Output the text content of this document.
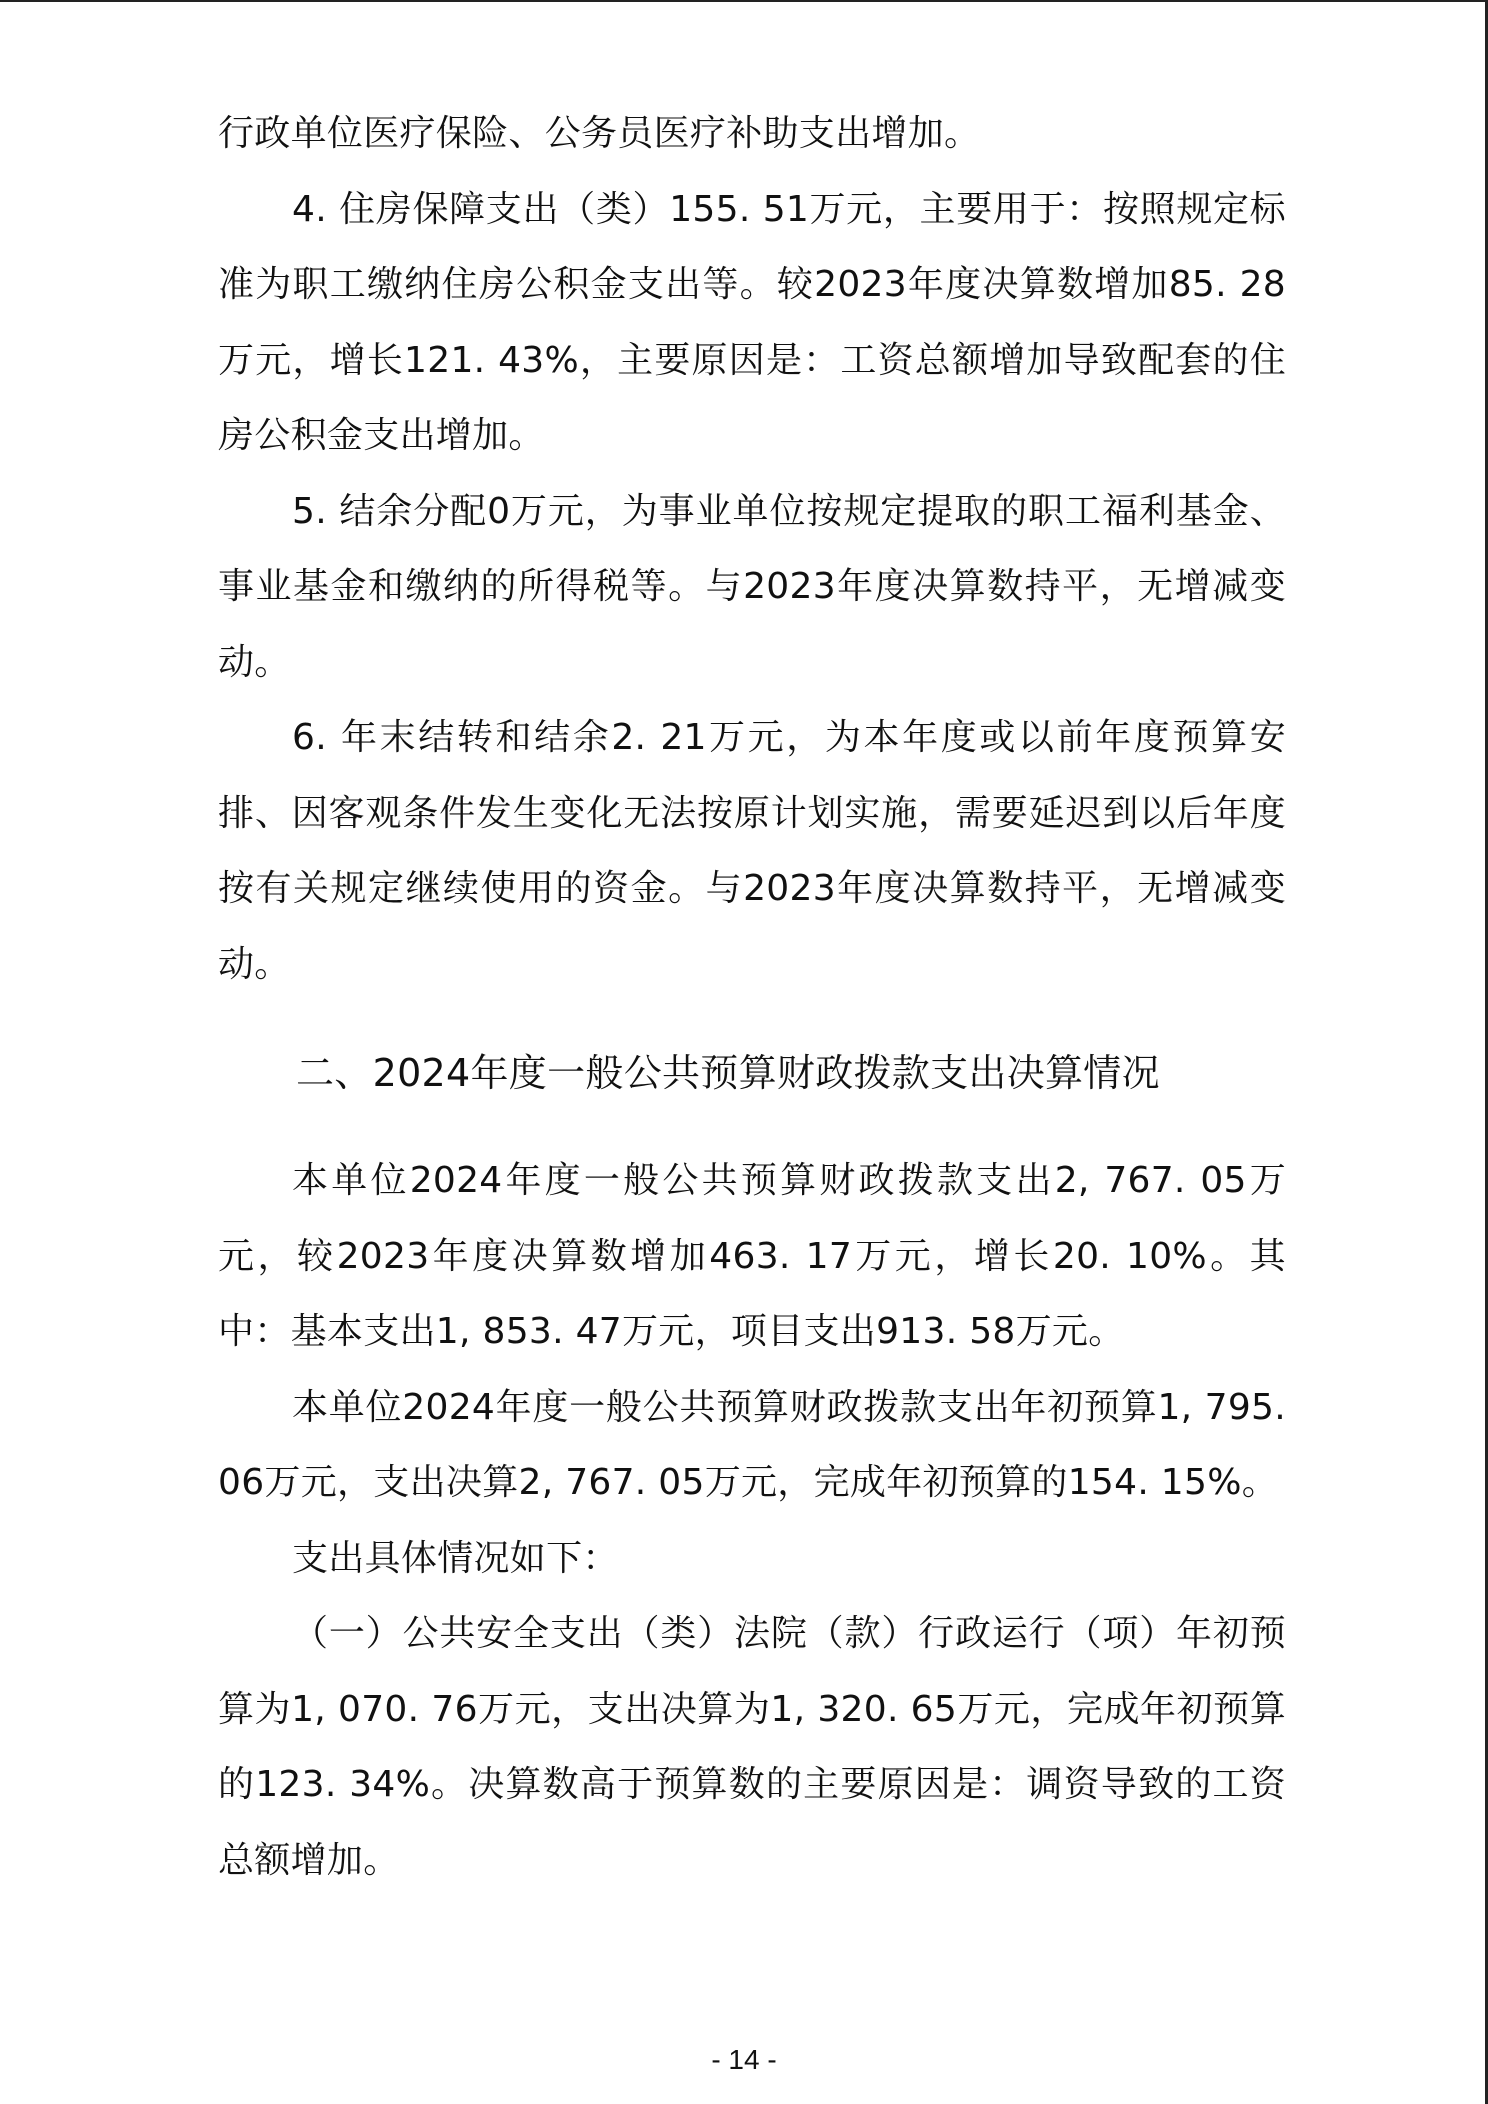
行政单位医疗保险、公务员医疗补助支出增加。

4. 住房保障支出（类）155. 51万元，主要用于：按照规定标准为职工缴纳住房公积金支出等。较2023年度决算数增加85. 28万元，增长121. 43%，主要原因是：工资总额增加导致配套的住房公积金支出增加。

5. 结余分配0万元，为事业单位按规定提取的职工福利基金、事业基金和缴纳的所得税等。与2023年度决算数持平，无增减变动。

6. 年末结转和结余2. 21万元，为本年度或以前年度预算安排、因客观条件发生变化无法按原计划实施，需要延迟到以后年度按有关规定继续使用的资金。与2023年度决算数持平，无增减变动。

二、2024年度一般公共预算财政拨款支出决算情况

本单位2024年度一般公共预算财政拨款支出2, 767. 05万元，较2023年度决算数增加463. 17万元，增长20. 10%。其中：基本支出1, 853. 47万元，项目支出913. 58万元。

本单位2024年度一般公共预算财政拨款支出年初预算1, 795. 06万元，支出决算2, 767. 05万元，完成年初预算的154. 15%。

支出具体情况如下：

（一）公共安全支出（类）法院（款）行政运行（项）年初预算为1, 070. 76万元，支出决算为1, 320. 65万元，完成年初预算的123. 34%。决算数高于预算数的主要原因是：调资导致的工资总额增加。

- 14 -
